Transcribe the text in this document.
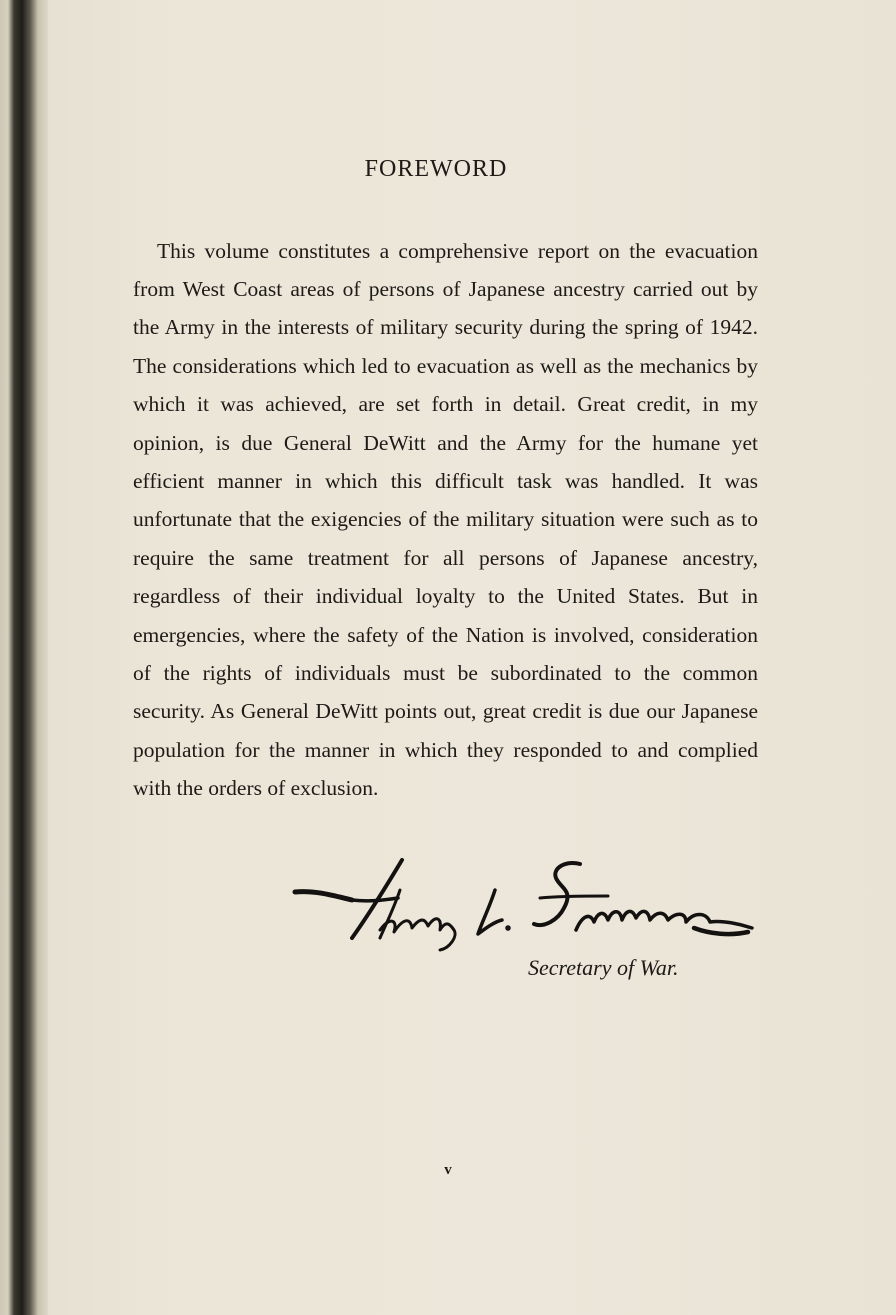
FOREWORD

This volume constitutes a comprehensive report on the evacuation from West Coast areas of persons of Japanese ancestry carried out by the Army in the interests of military security during the spring of 1942. The considerations which led to evacuation as well as the mechanics by which it was achieved, are set forth in detail. Great credit, in my opinion, is due General DeWitt and the Army for the humane yet efficient manner in which this difficult task was handled. It was unfortunate that the exigencies of the military situation were such as to require the same treatment for all persons of Japanese ancestry, regardless of their individual loyalty to the United States. But in emergencies, where the safety of the Nation is involved, consideration of the rights of individuals must be subordinated to the common security. As General DeWitt points out, great credit is due our Japanese population for the manner in which they responded to and complied with the orders of exclusion.

Secretary of War.
v
